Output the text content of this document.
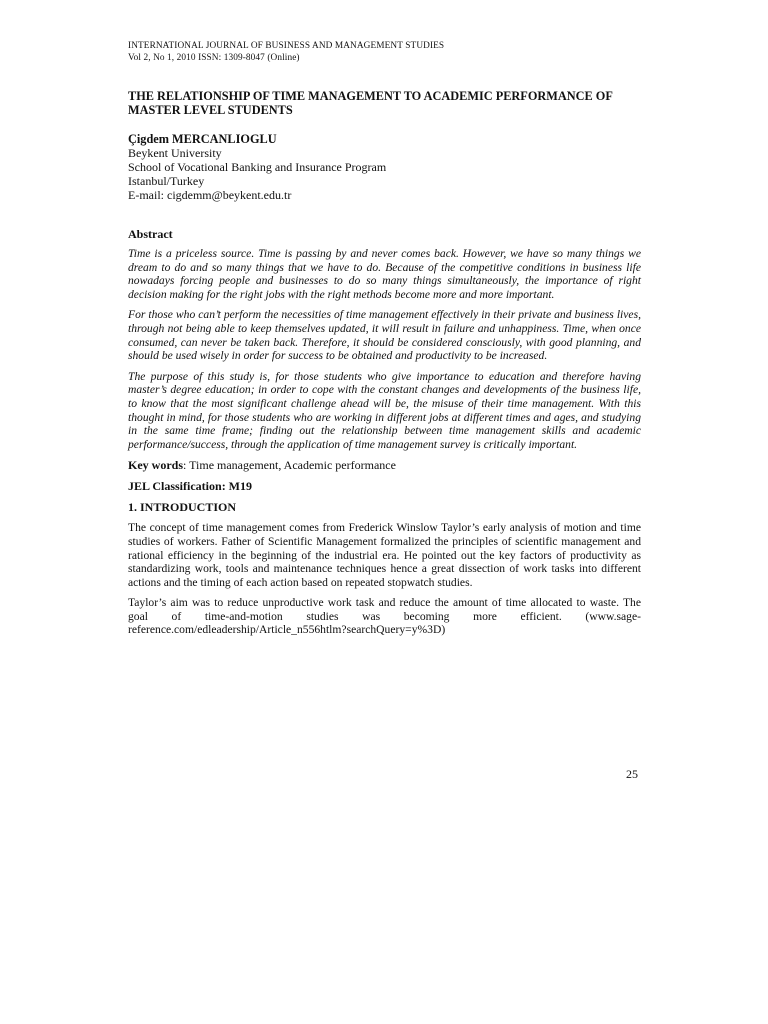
INTERNATIONAL JOURNAL OF BUSINESS AND MANAGEMENT STUDIES
Vol 2, No 1, 2010 ISSN: 1309-8047 (Online)
THE RELATIONSHIP OF TIME MANAGEMENT TO ACADEMIC PERFORMANCE OF MASTER LEVEL STUDENTS
Çigdem MERCANLIOGLU
Beykent University
School of Vocational Banking and Insurance Program
Istanbul/Turkey
E-mail: cigdemm@beykent.edu.tr
Abstract

Time is a priceless source. Time is passing by and never comes back. However, we have so many things we dream to do and so many things that we have to do. Because of the competitive conditions in business life nowadays forcing people and businesses to do so many things simultaneously, the importance of right decision making for the right jobs with the right methods become more and more important.

For those who can’t perform the necessities of time management effectively in their private and business lives, through not being able to keep themselves updated, it will result in failure and unhappiness. Time, when once consumed, can never be taken back. Therefore, it should be considered consciously, with good planning, and should be used wisely in order for success to be obtained and productivity to be increased.

The purpose of this study is, for those students who give importance to education and therefore having master’s degree education; in order to cope with the constant changes and developments of the business life, to know that the most significant challenge ahead will be, the misuse of their time management. With this thought in mind, for those students who are working in different jobs at different times and ages, and studying in the same time frame; finding out the relationship between time management skills and academic performance/success, through the application of time management survey is critically important.

Key words: Time management, Academic performance
JEL Classification: M19
1. INTRODUCTION

The concept of time management comes from Frederick Winslow Taylor’s early analysis of motion and time studies of workers. Father of Scientific Management formalized the principles of scientific management and rational efficiency in the beginning of the industrial era. He pointed out the key factors of productivity as standardizing work, tools and maintenance techniques hence a great dissection of work tasks into different actions and the timing of each action based on repeated stopwatch studies.

Taylor’s aim was to reduce unproductive work task and reduce the amount of time allocated to waste. The goal of time-and-motion studies was becoming more efficient. (www.sage-reference.com/edleadership/Article_n556htlm?searchQuery=y%3D)

25
